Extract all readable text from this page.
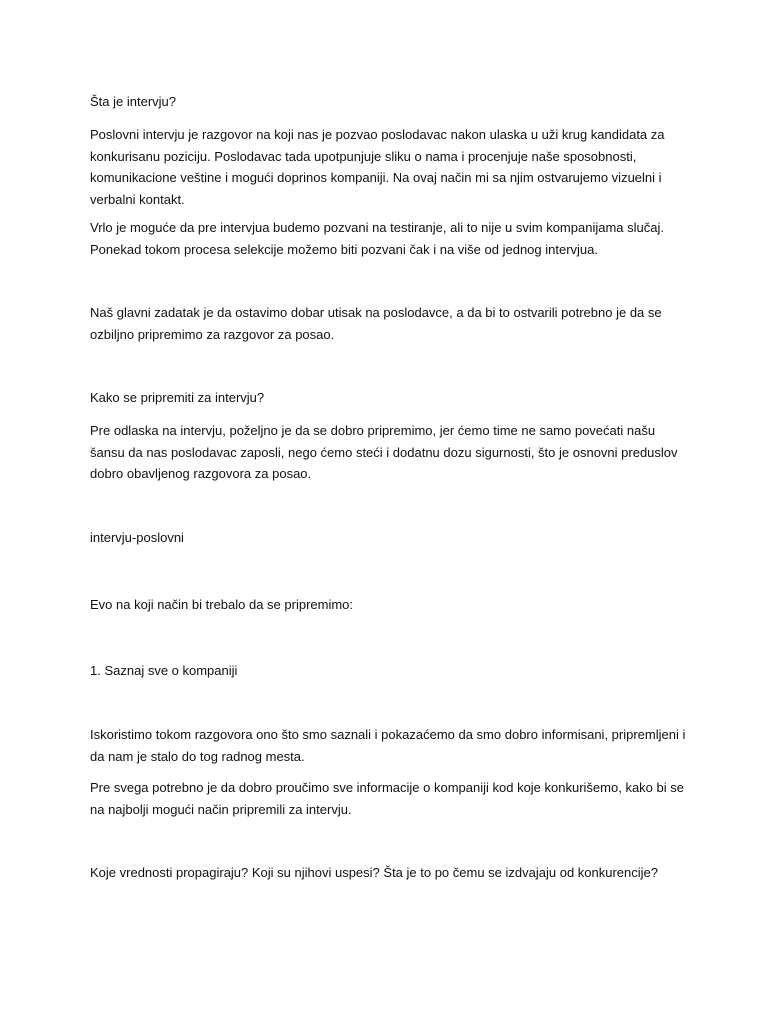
Šta je intervju?

Poslovni intervju je razgovor na koji nas je pozvao poslodavac nakon ulaska u uži krug kandidata za konkurisanu poziciju. Poslodavac tada upotpunjuje sliku o nama i procenjuje naše sposobnosti, komunikacione veštine i mogući doprinos kompaniji. Na ovaj način mi sa njim ostvarujemo vizuelni i verbalni kontakt.

Vrlo je moguće da pre intervjua budemo pozvani na testiranje, ali to nije u svim kompanijama slučaj. Ponekad tokom procesa selekcije možemo biti pozvani čak i na više od jednog intervjua.

Naš glavni zadatak je da ostavimo dobar utisak na poslodavce, a da bi to ostvarili potrebno je da se ozbiljno pripremimo za razgovor za posao.

Kako se pripremiti za intervju?

Pre odlaska na intervju, poželjno je da se dobro pripremimo, jer ćemo time ne samo povećati našu šansu da nas poslodavac zaposli, nego ćemo steći i dodatnu dozu sigurnosti, što je osnovni preduslov dobro obavljenog razgovora za posao.

intervju-poslovni

Evo na koji način bi trebalo da se pripremimo:

1. Saznaj sve o kompaniji

Iskoristimo tokom razgovora ono što smo saznali i pokazaćemo da smo dobro informisani, pripremljeni i da nam je stalo do tog radnog mesta.

Pre svega potrebno je da dobro proučimo sve informacije o kompaniji kod koje konkurišemo, kako bi se na najbolji mogući način pripremili za intervju.

Koje vrednosti propagiraju? Koji su njihovi uspesi? Šta je to po čemu se izdvajaju od konkurencije?
